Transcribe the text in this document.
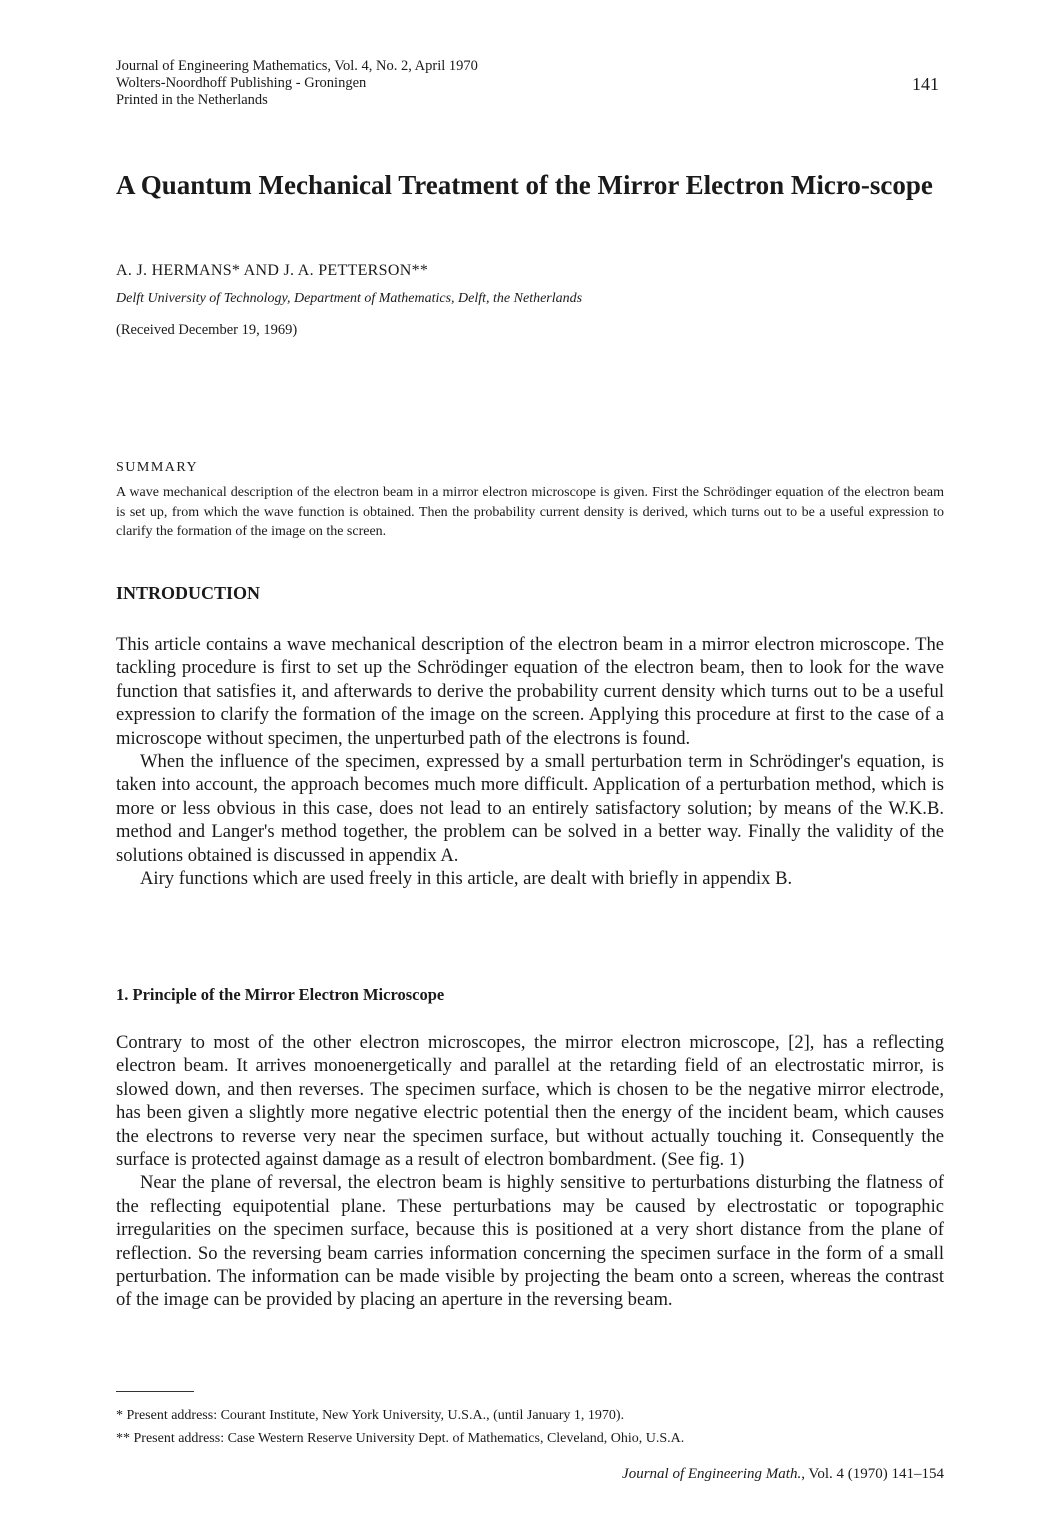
Journal of Engineering Mathematics, Vol. 4, No. 2, April 1970
Wolters-Noordhoff Publishing - Groningen
Printed in the Netherlands
141
A Quantum Mechanical Treatment of the Mirror Electron Micro-scope
A. J. HERMANS* AND J. A. PETTERSON**
Delft University of Technology, Department of Mathematics, Delft, the Netherlands
(Received December 19, 1969)
SUMMARY
A wave mechanical description of the electron beam in a mirror electron microscope is given. First the Schrödinger equation of the electron beam is set up, from which the wave function is obtained. Then the probability current density is derived, which turns out to be a useful expression to clarify the formation of the image on the screen.
INTRODUCTION

This article contains a wave mechanical description of the electron beam in a mirror electron microscope. The tackling procedure is first to set up the Schrödinger equation of the electron beam, then to look for the wave function that satisfies it, and afterwards to derive the probability current density which turns out to be a useful expression to clarify the formation of the image on the screen. Applying this procedure at first to the case of a microscope without specimen, the unperturbed path of the electrons is found.

When the influence of the specimen, expressed by a small perturbation term in Schrödinger's equation, is taken into account, the approach becomes much more difficult. Application of a perturbation method, which is more or less obvious in this case, does not lead to an entirely satisfactory solution; by means of the W.K.B. method and Langer's method together, the problem can be solved in a better way. Finally the validity of the solutions obtained is discussed in appendix A.

Airy functions which are used freely in this article, are dealt with briefly in appendix B.

1. Principle of the Mirror Electron Microscope

Contrary to most of the other electron microscopes, the mirror electron microscope, [2], has a reflecting electron beam. It arrives monoenergetically and parallel at the retarding field of an electrostatic mirror, is slowed down, and then reverses. The specimen surface, which is chosen to be the negative mirror electrode, has been given a slightly more negative electric potential then the energy of the incident beam, which causes the electrons to reverse very near the specimen surface, but without actually touching it. Consequently the surface is protected against damage as a result of electron bombardment. (See fig. 1)

Near the plane of reversal, the electron beam is highly sensitive to perturbations disturbing the flatness of the reflecting equipotential plane. These perturbations may be caused by electrostatic or topographic irregularities on the specimen surface, because this is positioned at a very short distance from the plane of reflection. So the reversing beam carries information concerning the specimen surface in the form of a small perturbation. The information can be made visible by projecting the beam onto a screen, whereas the contrast of the image can be provided by placing an aperture in the reversing beam.

* Present address: Courant Institute, New York University, U.S.A., (until January 1, 1970).
** Present address: Case Western Reserve University Dept. of Mathematics, Cleveland, Ohio, U.S.A.
Journal of Engineering Math., Vol. 4 (1970) 141–154
